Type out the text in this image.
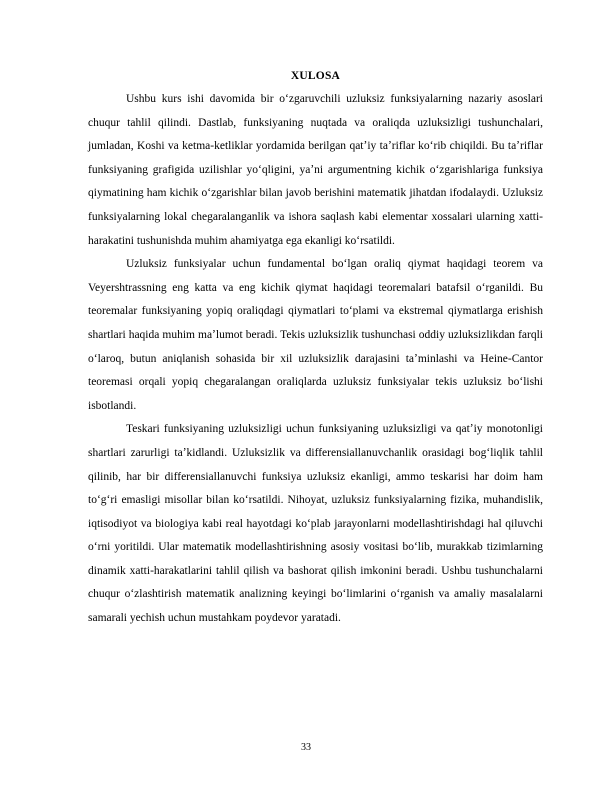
XULOSA

Ushbu kurs ishi davomida bir oʻzgaruvchili uzluksiz funksiyalarning nazariy asoslari chuqur tahlil qilindi. Dastlab, funksiyaning nuqtada va oraliqda uzluksizligi tushunchalari, jumladan, Koshi va ketma-ketliklar yordamida berilgan qatʼiy taʼriflar koʻrib chiqildi. Bu taʼriflar funksiyaning grafigida uzilishlar yoʻqligini, yaʼni argumentning kichik oʻzgarishlariga funksiya qiymatining ham kichik oʻzgarishlar bilan javob berishini matematik jihatdan ifodalaydi. Uzluksiz funksiyalarning lokal chegaralanganlik va ishora saqlash kabi elementar xossalari ularning xatti-harakatini tushunishda muhim ahamiyatga ega ekanligi koʻrsatildi.

Uzluksiz funksiyalar uchun fundamental boʻlgan oraliq qiymat haqidagi teorem va Veyershtrassning eng katta va eng kichik qiymat haqidagi teoremalari batafsil oʻrganildi. Bu teoremalar funksiyaning yopiq oraliqdagi qiymatlari toʻplami va ekstremal qiymatlarga erishish shartlari haqida muhim maʼlumot beradi. Tekis uzluksizlik tushunchasi oddiy uzluksizlikdan farqli oʻlaroq, butun aniqlanish sohasida bir xil uzluksizlik darajasini taʼminlashi va Heine-Cantor teoremasi orqali yopiq chegaralangan oraliqlarda uzluksiz funksiyalar tekis uzluksiz boʻlishi isbotlandi.

Teskari funksiyaning uzluksizligi uchun funksiyaning uzluksizligi va qatʼiy monotonligi shartlari zarurligi taʼkidlandi. Uzluksizlik va differensiallanuvchanlik orasidagi bogʻliqlik tahlil qilinib, har bir differensiallanuvchi funksiya uzluksiz ekanligi, ammo teskarisi har doim ham toʻgʻri emasligi misollar bilan koʻrsatildi. Nihoyat, uzluksiz funksiyalarning fizika, muhandislik, iqtisodiyot va biologiya kabi real hayotdagi koʻplab jarayonlarni modellashtirishdagi hal qiluvchi oʻrni yoritildi. Ular matematik modellashtirishning asosiy vositasi boʻlib, murakkab tizimlarning dinamik xatti-harakatlarini tahlil qilish va bashorat qilish imkonini beradi. Ushbu tushunchalarni chuqur oʻzlashtirish matematik analizning keyingi boʻlimlarini oʻrganish va amaliy masalalarni samarali yechish uchun mustahkam poydevor yaratadi.

33
